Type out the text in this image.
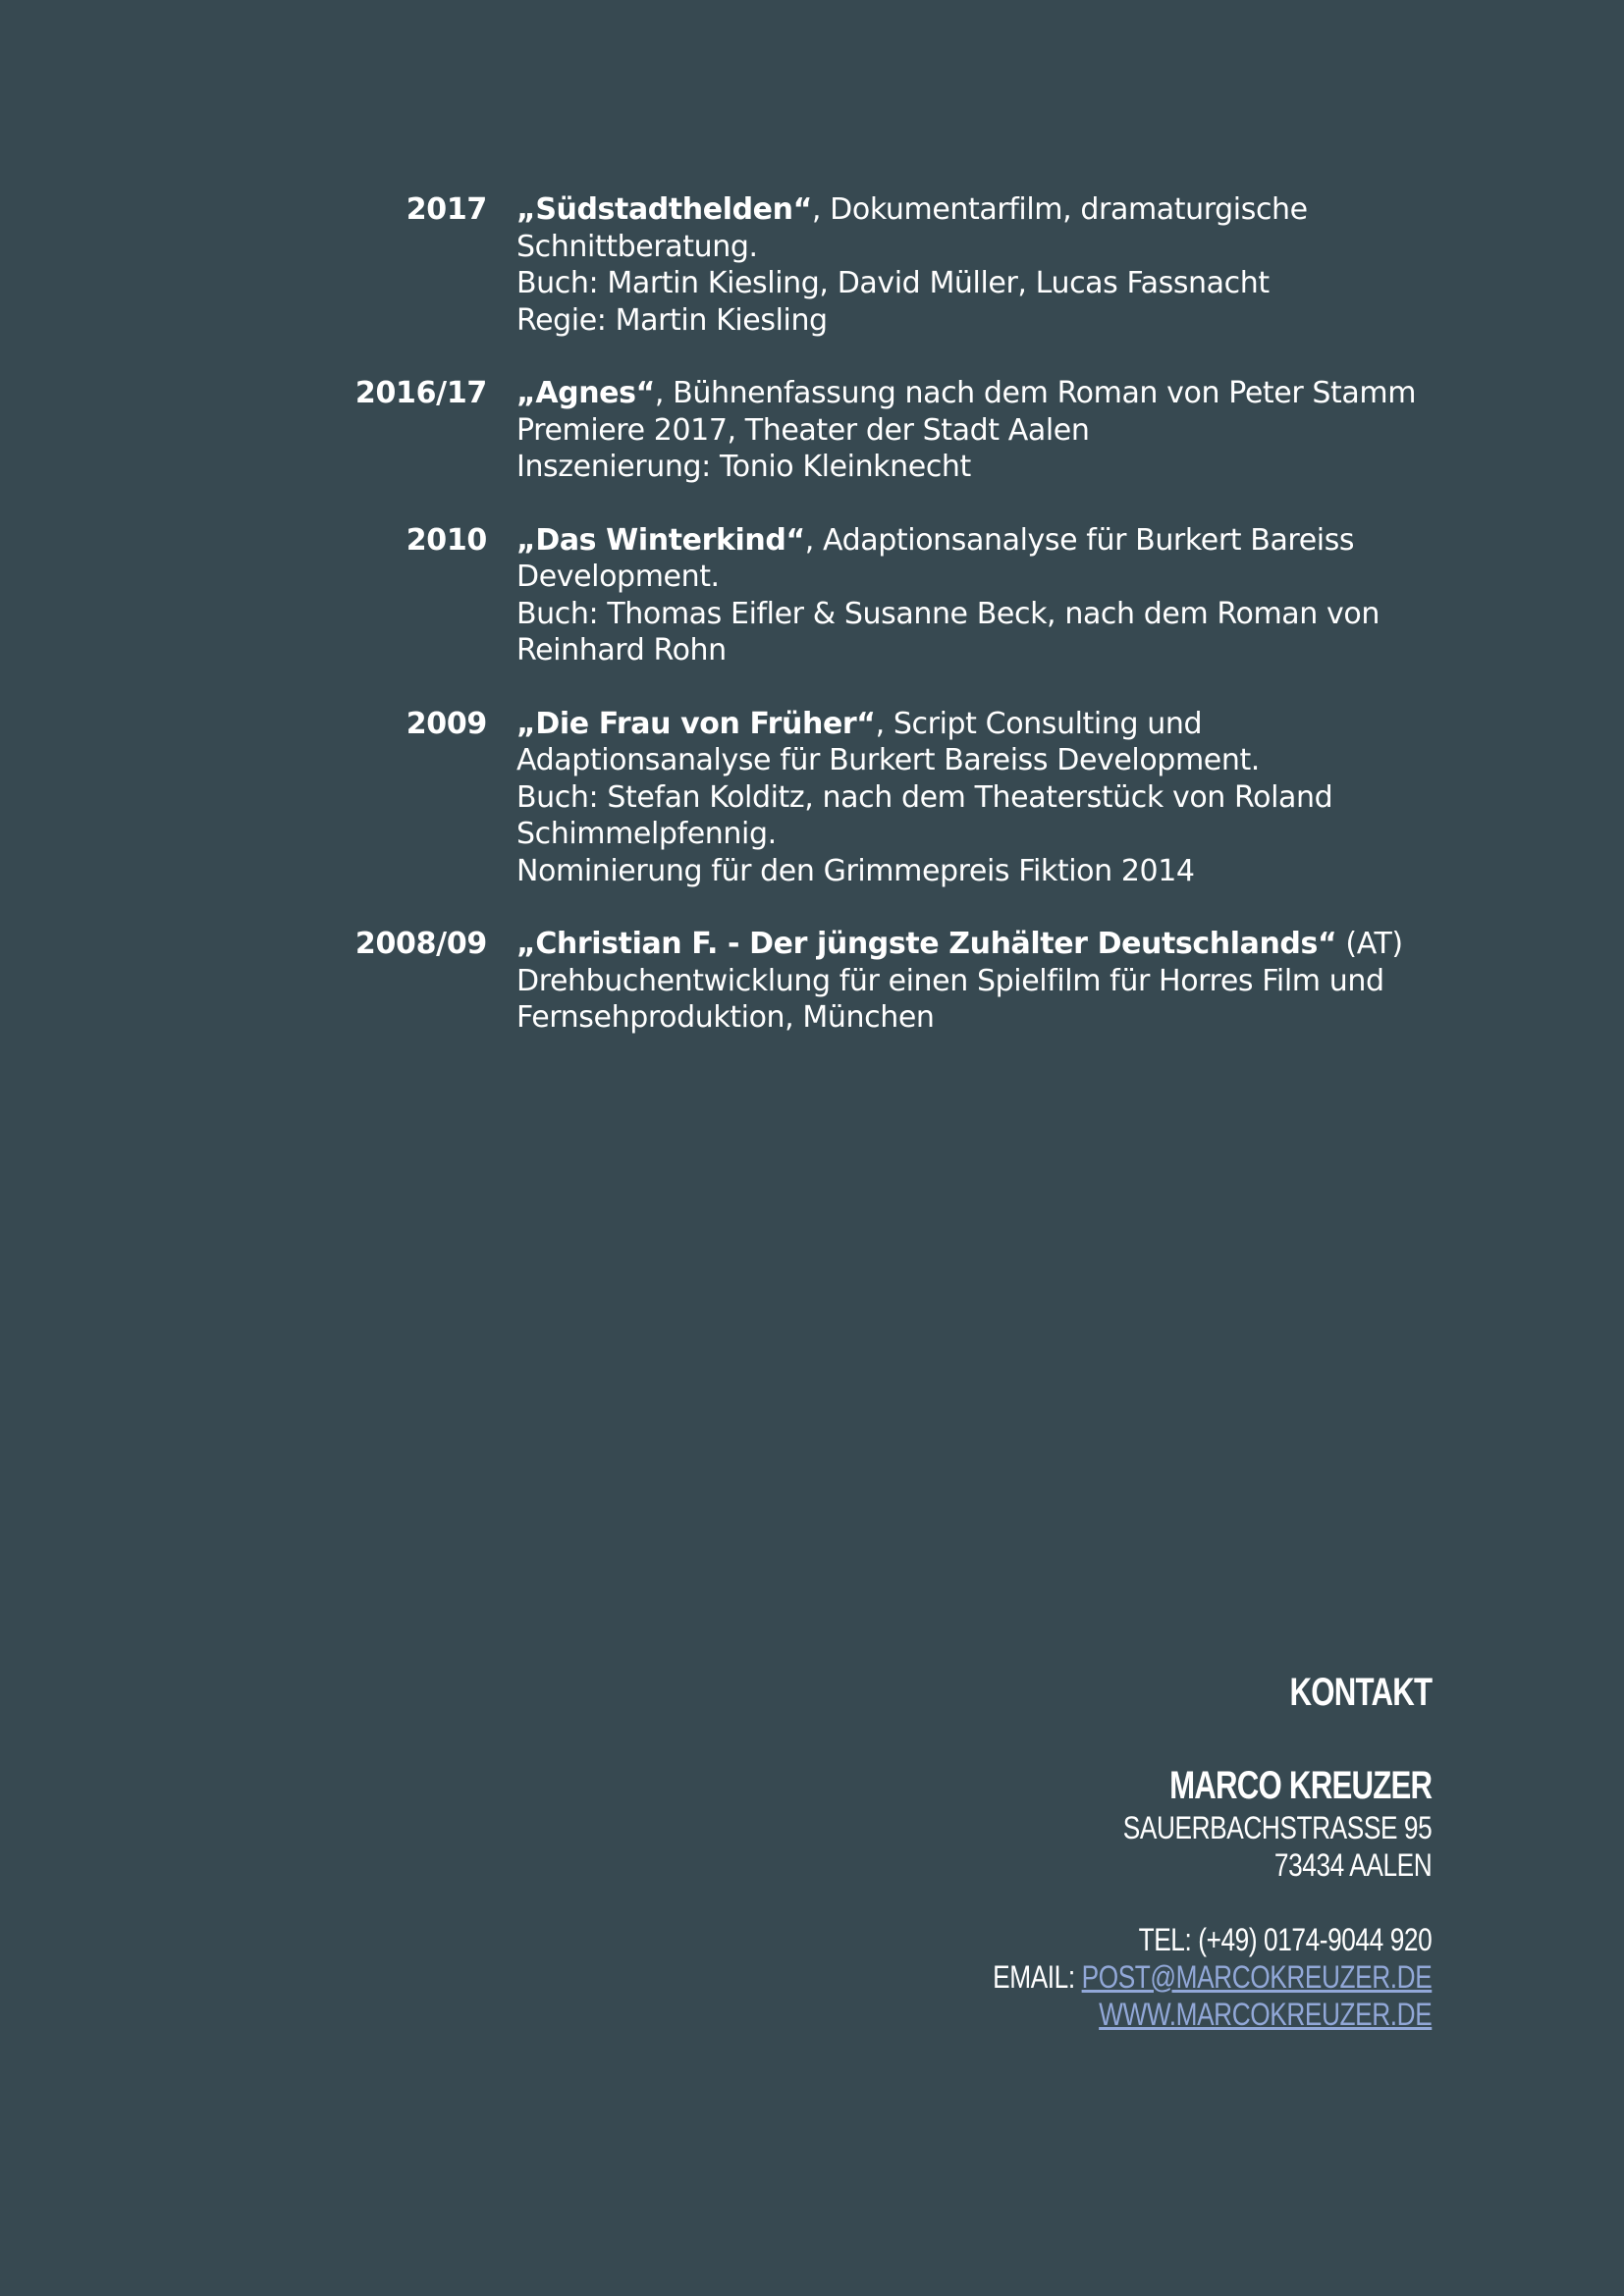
2017 „Südstadthelden“, Dokumentarfilm, dramaturgische
Schnittberatung.
Buch: Martin Kiesling, David Müller, Lucas Fassnacht
Regie: Martin Kiesling
2016/17 „Agnes“, Bühnenfassung nach dem Roman von Peter Stamm
Premiere 2017, Theater der Stadt Aalen
Inszenierung: Tonio Kleinknecht
2010 „Das Winterkind“, Adaptionsanalyse für Burkert Bareiss
Development.
Buch: Thomas Eifler & Susanne Beck, nach dem Roman von
Reinhard Rohn
2009 „Die Frau von Früher“, Script Consulting und
Adaptionsanalyse für Burkert Bareiss Development.
Buch: Stefan Kolditz, nach dem Theaterstück von Roland
Schimmelpfennig.
Nominierung für den Grimmepreis Fiktion 2014
2008/09 „Christian F. - Der jüngste Zuhälter Deutschlands“ (AT)
Drehbuchentwicklung für einen Spielfilm für Horres Film und
Fernsehproduktion, München
KONTAKT
MARCO KREUZER
SAUERBACHSTRASSE 95
73434 AALEN
TEL: (+49) 0174-9044 920
EMAIL: POST@MARCOKREUZER.DE
WWW.MARCOKREUZER.DE
